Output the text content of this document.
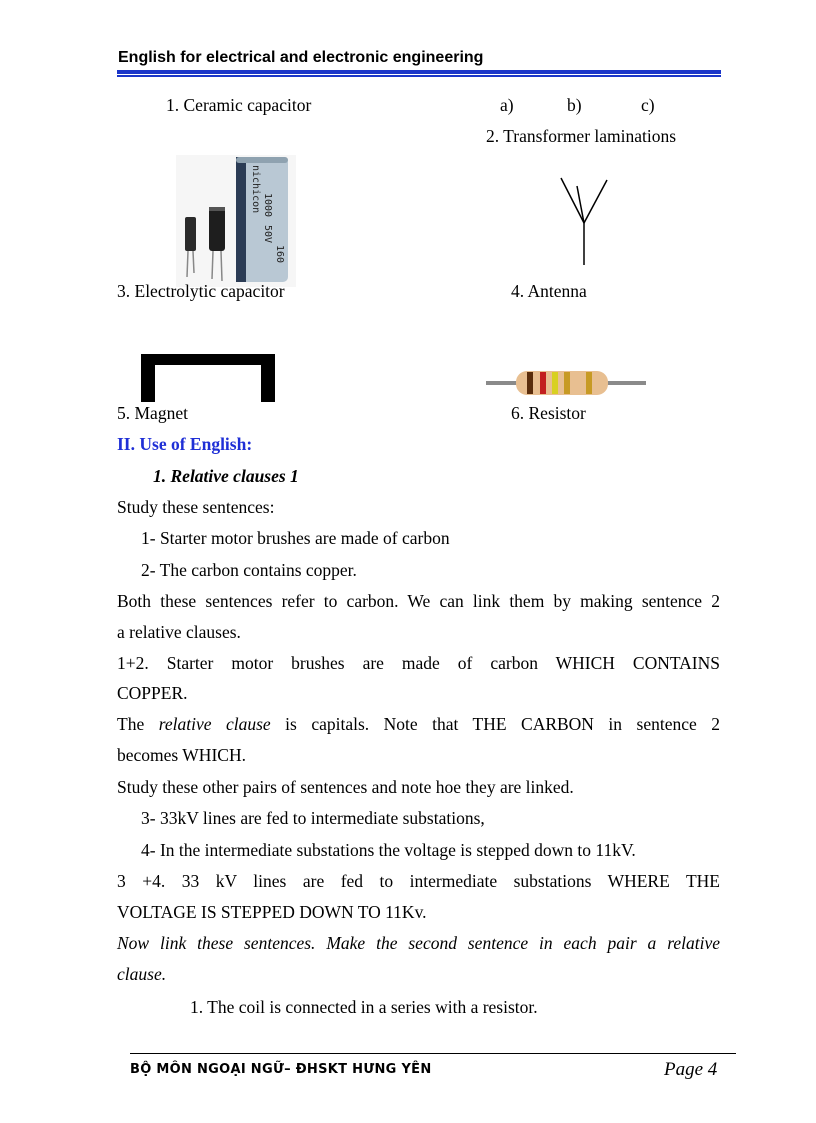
English for electrical and electronic engineering
1. Ceramic capacitor	a)	b)	c)
2. Transformer laminations
nichicon 1000
50V
160
3. Electrolytic capacitor	4. Antenna
5. Magnet	6. Resistor
II. Use of English:
1. Relative clauses 1
Study these sentences:
1- Starter motor brushes are made of carbon
2- The carbon contains copper.
Both these sentences refer to carbon. We can link them by making sentence 2
a relative clauses.
1+2. Starter motor brushes are made of carbon WHICH CONTAINS
COPPER.
The relative clause is capitals. Note that THE CARBON in sentence 2
becomes WHICH.
Study these other pairs of sentences and note hoe they are linked.
3- 33kV lines are fed to intermediate substations,
4- In the intermediate substations the voltage is stepped down to 11kV.
3 +4. 33 kV lines are fed to intermediate substations WHERE THE
VOLTAGE IS STEPPED DOWN TO 11Kv.
Now link these sentences. Make the second sentence in each pair a relative
clause.
1. The coil is connected in a series with a resistor.
BỘ MÔN NGOẠI NGỮ– ĐHSKT HƯNG YÊN	Page 4
